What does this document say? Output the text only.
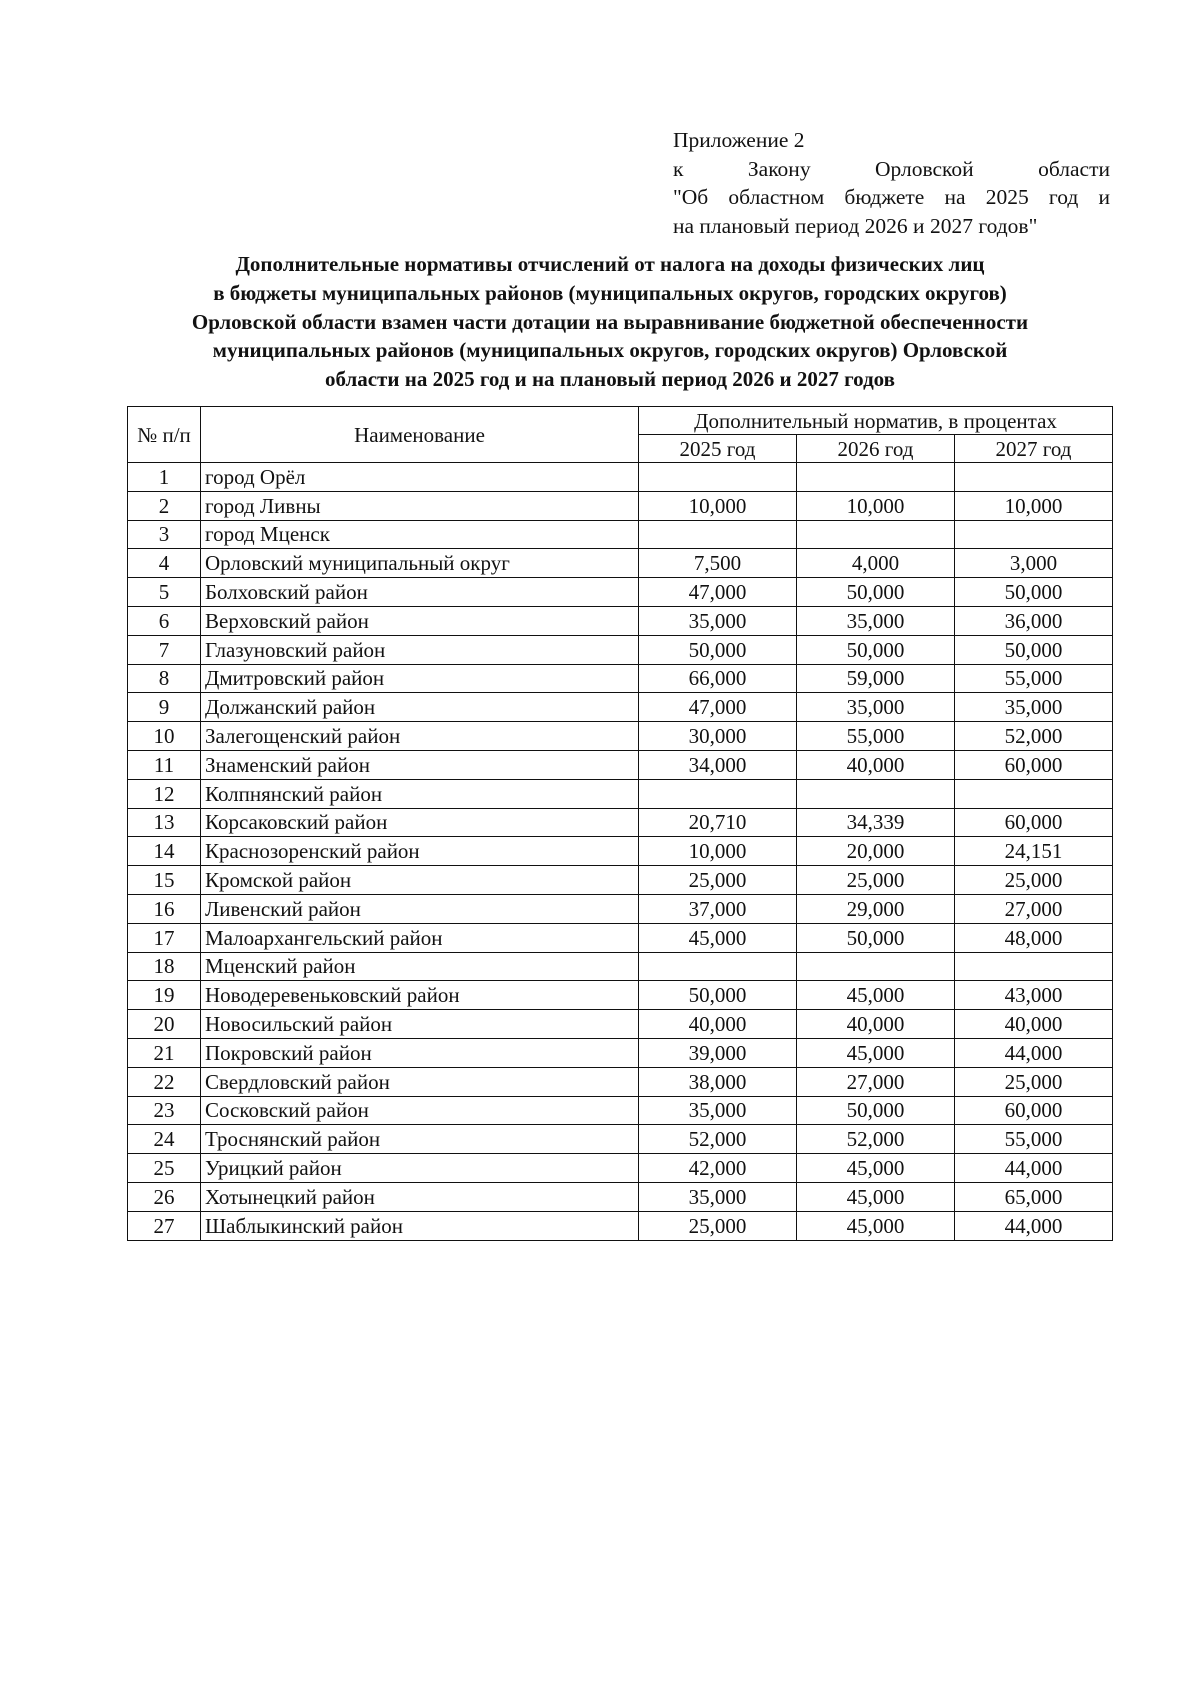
Приложение 2
к	Закону	Орловской	области
"Об областном бюджете на 2025 год и
на плановый период 2026 и 2027 годов"
Дополнительные нормативы отчислений от налога на доходы физических лиц
в бюджеты муниципальных районов (муниципальных округов, городских округов)
Орловской области взамен части дотации на выравнивание бюджетной обеспеченности
муниципальных районов (муниципальных округов, городских округов) Орловской
области на 2025 год и на плановый период 2026 и 2027 годов
№ п/п	Наименование	Дополнительный норматив, в процентах		
		2025 год	2026 год	2027 год
1	город Орёл			
2	город Ливны	10,000	10,000	10,000
3	город Мценск			
4	Орловский муниципальный округ	7,500	4,000	3,000
5	Болховский район	47,000	50,000	50,000
6	Верховский район	35,000	35,000	36,000
7	Глазуновский район	50,000	50,000	50,000
8	Дмитровский район	66,000	59,000	55,000
9	Должанский район	47,000	35,000	35,000
10	Залегощенский район	30,000	55,000	52,000
11	Знаменский район	34,000	40,000	60,000
12	Колпнянский район			
13	Корсаковский район	20,710	34,339	60,000
14	Краснозоренский район	10,000	20,000	24,151
15	Кромской район	25,000	25,000	25,000
16	Ливенский район	37,000	29,000	27,000
17	Малоархангельский район	45,000	50,000	48,000
18	Мценский район			
19	Новодеревеньковский район	50,000	45,000	43,000
20	Новосильский район	40,000	40,000	40,000
21	Покровский район	39,000	45,000	44,000
22	Свердловский район	38,000	27,000	25,000
23	Сосковский район	35,000	50,000	60,000
24	Троснянский район	52,000	52,000	55,000
25	Урицкий район	42,000	45,000	44,000
26	Хотынецкий район	35,000	45,000	65,000
27	Шаблыкинский район	25,000	45,000	44,000
